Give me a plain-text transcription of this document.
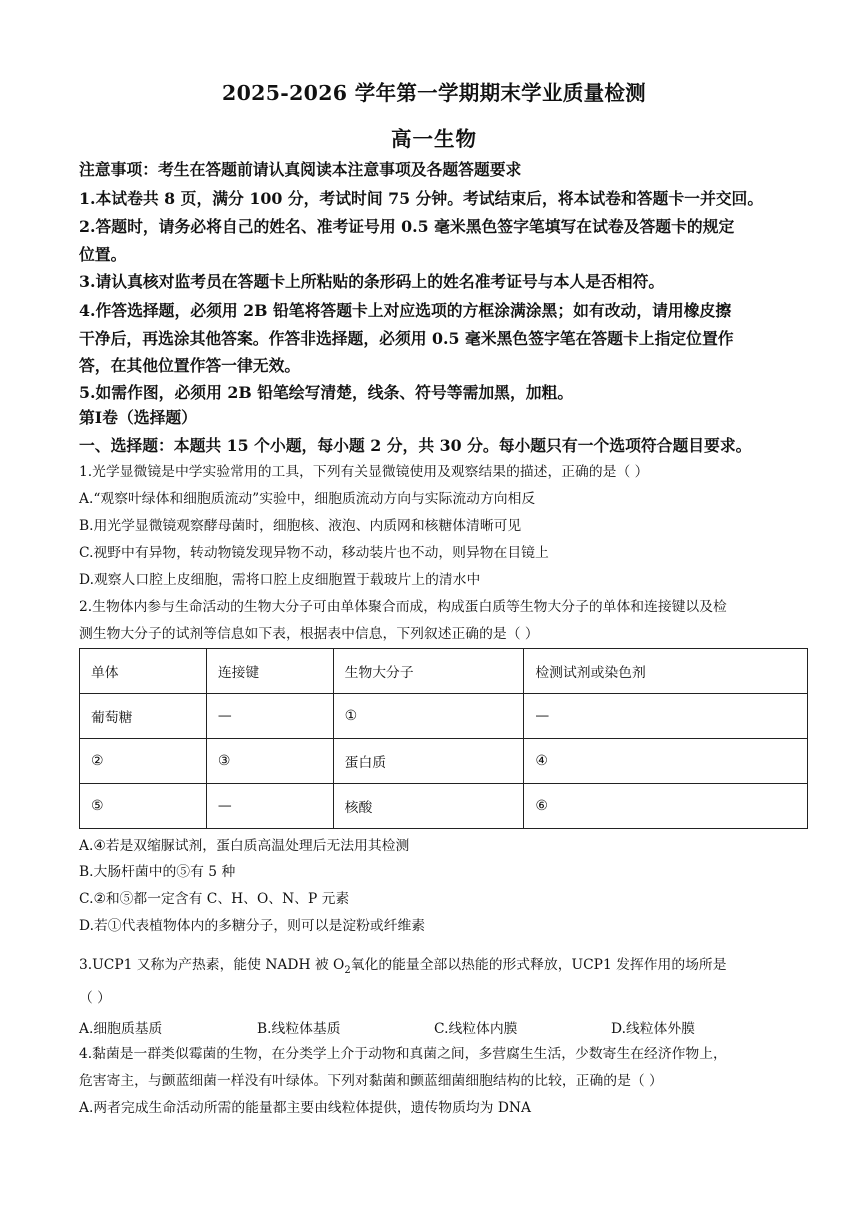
2025-2026 学年第一学期期末学业质量检测
高一生物
注意事项：考生在答题前请认真阅读本注意事项及各题答题要求
1.本试卷共 8 页，满分 100 分，考试时间 75 分钟。考试结束后，将本试卷和答题卡一并交回。
2.答题时，请务必将自己的姓名、准考证号用 0.5 毫米黑色签字笔填写在试卷及答题卡的规定
位置。
3.请认真核对监考员在答题卡上所粘贴的条形码上的姓名准考证号与本人是否相符。
4.作答选择题，必须用 2B 铅笔将答题卡上对应选项的方框涂满涂黑；如有改动，请用橡皮擦
干净后，再选涂其他答案。作答非选择题，必须用 0.5 毫米黑色签字笔在答题卡上指定位置作
答，在其他位置作答一律无效。
5.如需作图，必须用 2B 铅笔绘写清楚，线条、符号等需加黑，加粗。
第Ⅰ卷（选择题）
一、选择题：本题共 15 个小题，每小题 2 分，共 30 分。每小题只有一个选项符合题目要求。
1.光学显微镜是中学实验常用的工具，下列有关显微镜使用及观察结果的描述，正确的是（ ）
A.“观察叶绿体和细胞质流动”实验中，细胞质流动方向与实际流动方向相反
B.用光学显微镜观察酵母菌时，细胞核、液泡、内质网和核糖体清晰可见
C.视野中有异物，转动物镜发现异物不动，移动装片也不动，则异物在目镜上
D.观察人口腔上皮细胞，需将口腔上皮细胞置于载玻片上的清水中
2.生物体内参与生命活动的生物大分子可由单体聚合而成，构成蛋白质等生物大分子的单体和连接键以及检
测生物大分子的试剂等信息如下表，根据表中信息，下列叙述正确的是（ ）
单体	连接键	生物大分子	检测试剂或染色剂
葡萄糖	—	①	—
②	③	蛋白质	④
⑤	—	核酸	⑥
A.④若是双缩脲试剂，蛋白质高温处理后无法用其检测
B.大肠杆菌中的⑤有 5 种
C.②和⑤都一定含有 C、H、O、N、P 元素
D.若①代表植物体内的多糖分子，则可以是淀粉或纤维素
3.UCP1 又称为产热素，能使 NADH 被 $O_2$氧化的能量全部以热能的形式释放，UCP1 发挥作用的场所是
（ ）
A.细胞质基质	B.线粒体基质	C.线粒体内膜	D.线粒体外膜
4.黏菌是一群类似霉菌的生物，在分类学上介于动物和真菌之间，多营腐生生活，少数寄生在经济作物上，
危害寄主，与颤蓝细菌一样没有叶绿体。下列对黏菌和颤蓝细菌细胞结构的比较，正确的是（ ）
A.两者完成生命活动所需的能量都主要由线粒体提供，遗传物质均为 DNA
